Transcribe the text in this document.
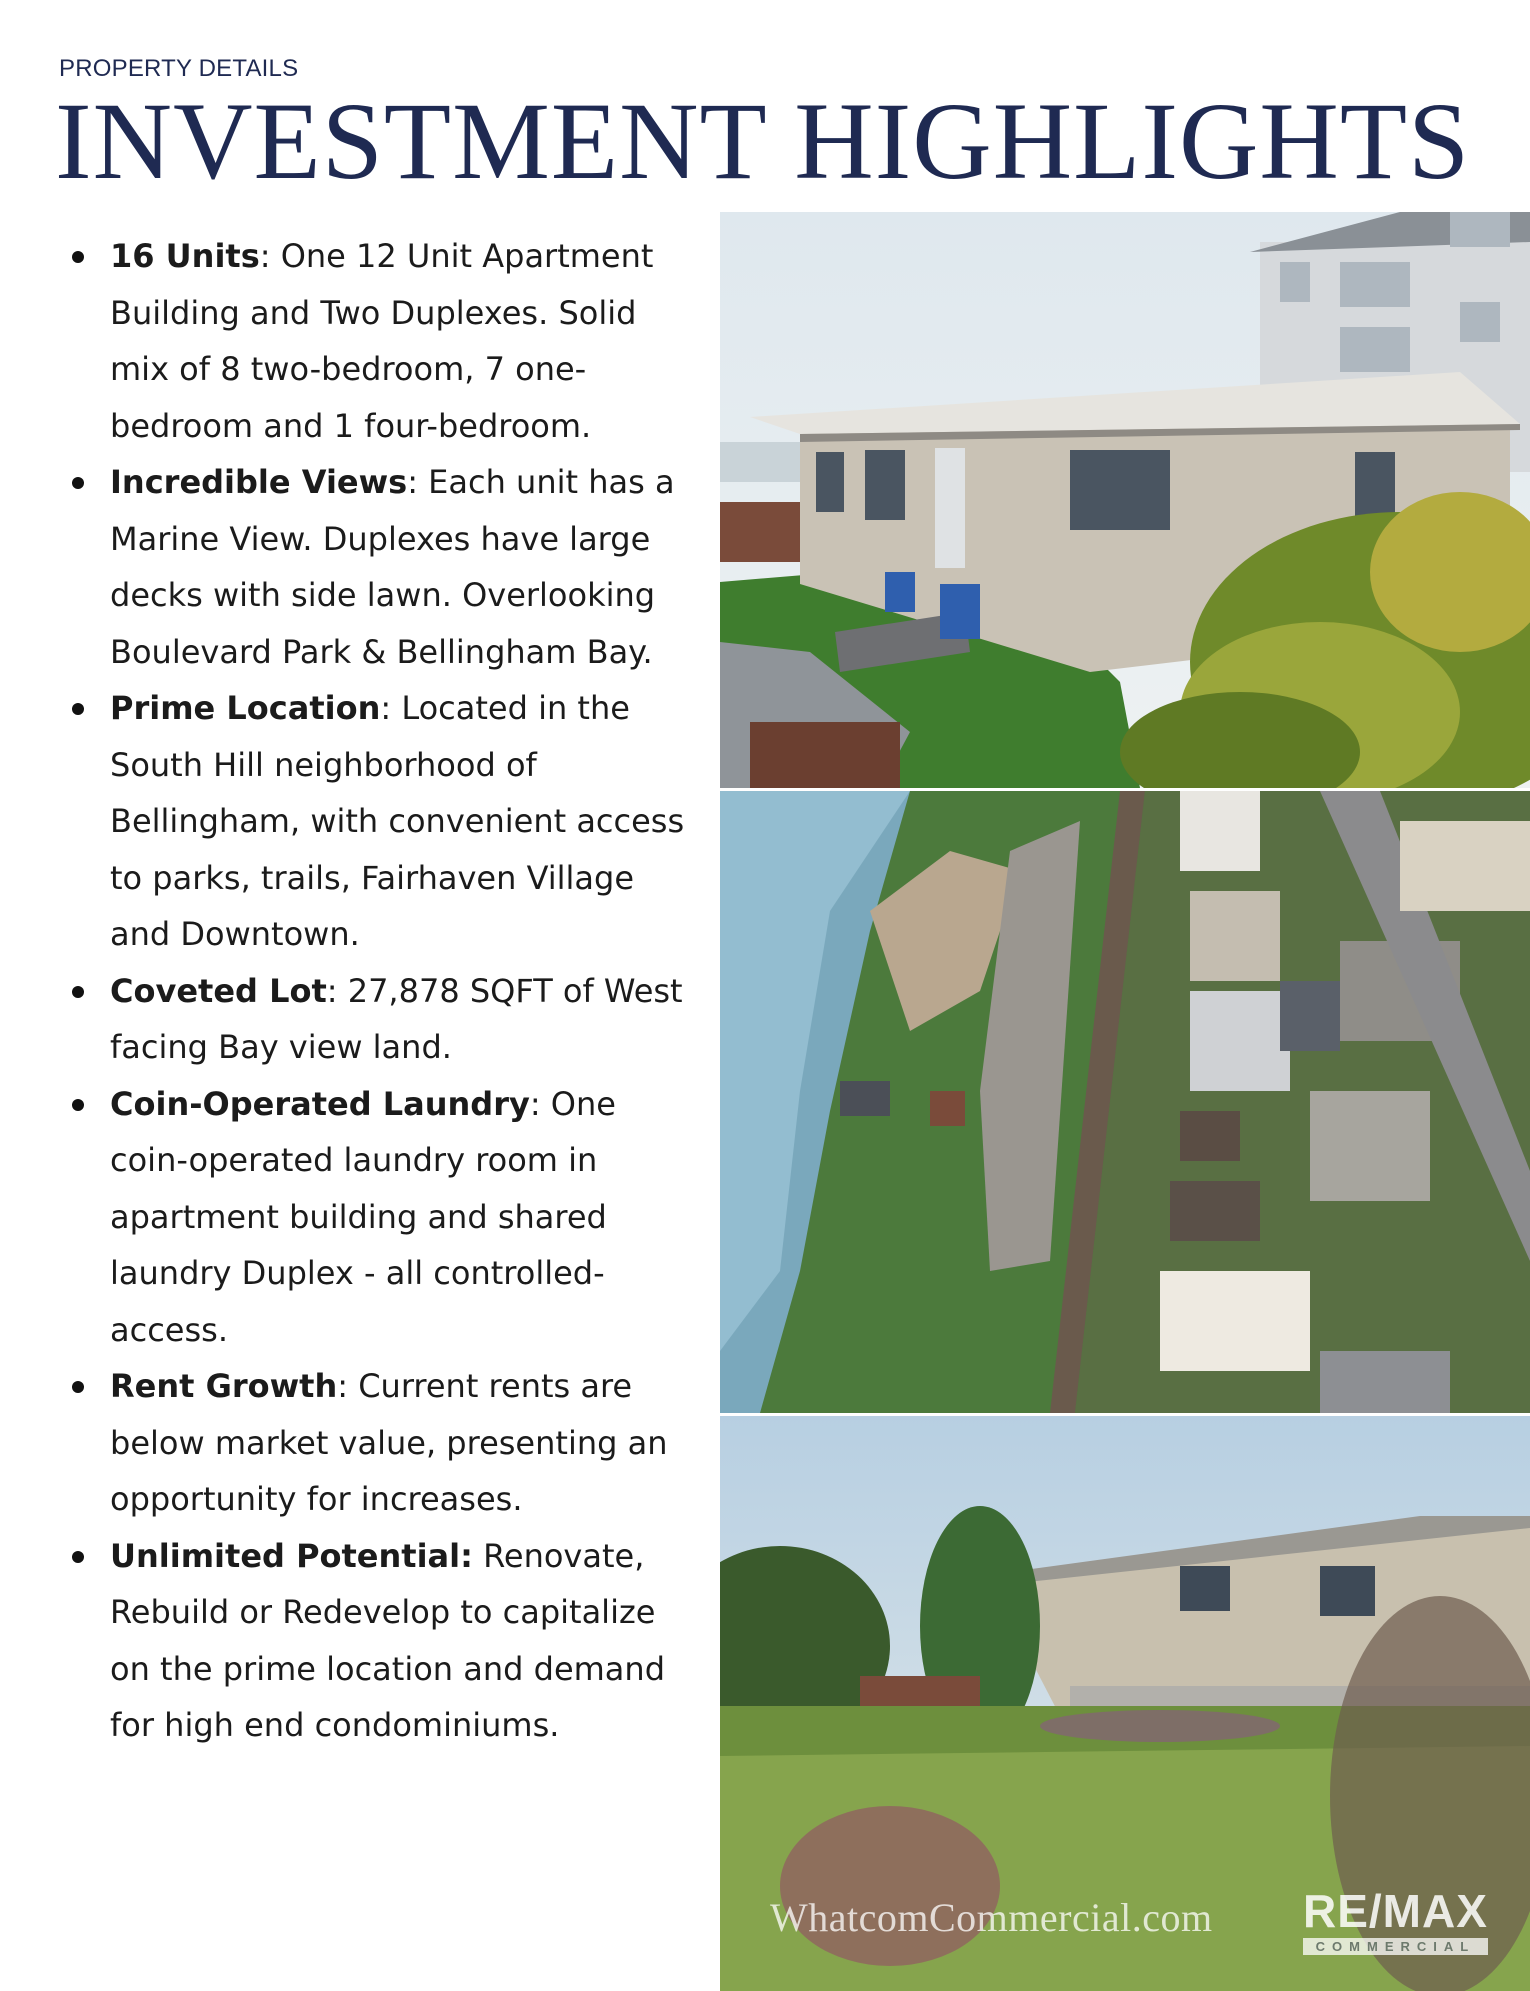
PROPERTY DETAILS
INVESTMENT HIGHLIGHTS
16 Units: One 12 Unit Apartment Building and Two Duplexes. Solid mix of 8 two-bedroom, 7 one-bedroom and 1 four-bedroom.
Incredible Views: Each unit has a Marine View. Duplexes have large decks with side lawn. Overlooking Boulevard Park & Bellingham Bay.
Prime Location: Located in the South Hill neighborhood of Bellingham, with convenient access to parks, trails, Fairhaven Village and Downtown.
Coveted Lot: 27,878 SQFT of West facing Bay view land.
Coin-Operated Laundry: One coin-operated laundry room in apartment building and shared laundry Duplex - all controlled-access.
Rent Growth: Current rents are below market value, presenting an opportunity for increases.
Unlimited Potential: Renovate, Rebuild or Redevelop to capitalize on the prime location and demand for high end condominiums.
WhatcomCommercial.com RE/MAX
COMMERCIAL
